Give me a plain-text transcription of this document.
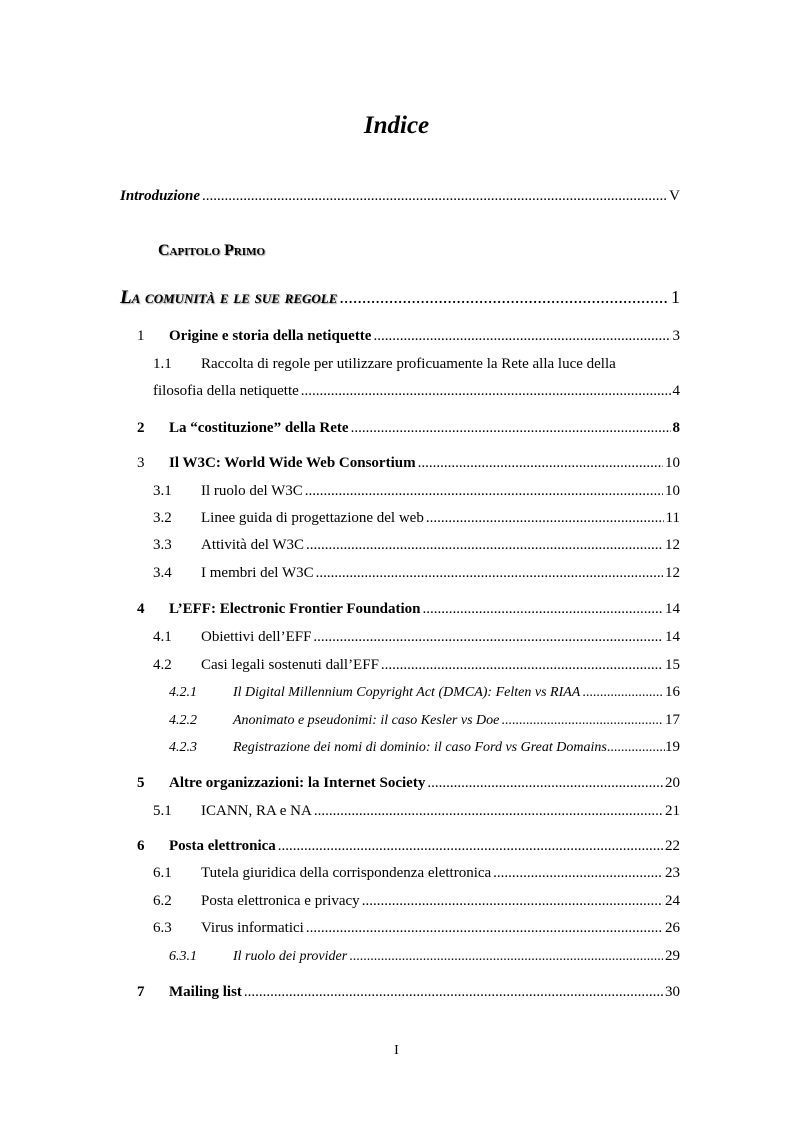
Indice
Introduzione .....	V
Capitolo Primo
La comunità e le sue regole .....	1
1	Origine e storia della netiquette .....	3
1.1	Raccolta di regole per utilizzare proficuamente la Rete alla luce della
filosofia della netiquette .....	4
2	La “costituzione” della Rete .....	8
3	Il W3C: World Wide Web Consortium .....	10
3.1	Il ruolo del W3C .....	10
3.2	Linee guida di progettazione del web .....	11
3.3	Attività del W3C .....	12
3.4	I membri del W3C .....	12
4	L’EFF: Electronic Frontier Foundation .....	14
4.1	Obiettivi dell’EFF .....	14
4.2	Casi legali sostenuti dall’EFF .....	15
4.2.1	Il Digital Millennium Copyright Act (DMCA): Felten vs RIAA .....	16
4.2.2	Anonimato e pseudonimi: il caso Kesler vs Doe .....	17
4.2.3	Registrazione dei nomi di dominio: il caso Ford vs Great Domains .....	19
5	Altre organizzazioni: la Internet Society .....	20
5.1	ICANN, RA e NA .....	21
6	Posta elettronica .....	22
6.1	Tutela giuridica della corrispondenza elettronica .....	23
6.2	Posta elettronica e privacy .....	24
6.3	Virus informatici .....	26
6.3.1	Il ruolo dei provider .....	29
7	Mailing list .....	30
I
